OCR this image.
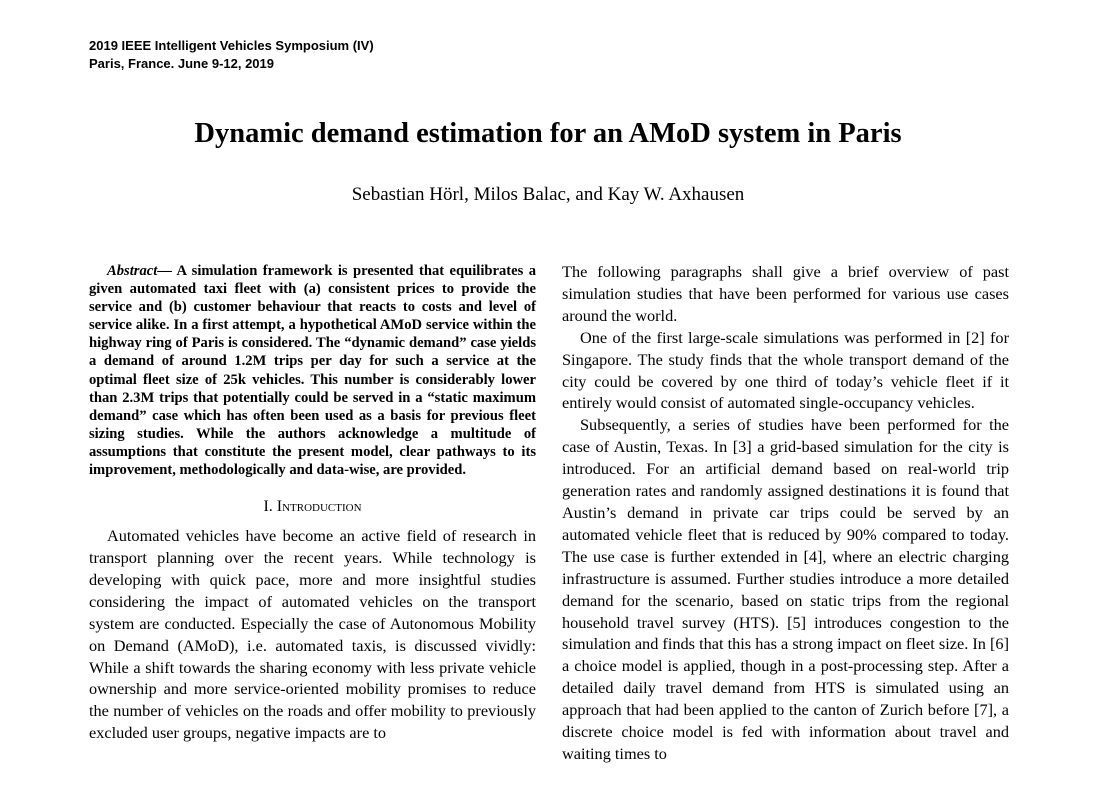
2019 IEEE Intelligent Vehicles Symposium (IV)
Paris, France. June 9-12, 2019
Dynamic demand estimation for an AMoD system in Paris
Sebastian Hörl, Milos Balac, and Kay W. Axhausen

Abstract— A simulation framework is presented that equilibrates a given automated taxi fleet with (a) consistent prices to provide the service and (b) customer behaviour that reacts to costs and level of service alike. In a first attempt, a hypothetical AMoD service within the highway ring of Paris is considered. The “dynamic demand” case yields a demand of around 1.2M trips per day for such a service at the optimal fleet size of 25k vehicles. This number is considerably lower than 2.3M trips that potentially could be served in a “static maximum demand” case which has often been used as a basis for previous fleet sizing studies. While the authors acknowledge a multitude of assumptions that constitute the present model, clear pathways to its improvement, methodologically and data-wise, are provided.

I. Introduction

Automated vehicles have become an active field of research in transport planning over the recent years. While technology is developing with quick pace, more and more insightful studies considering the impact of automated vehicles on the transport system are conducted. Especially the case of Autonomous Mobility on Demand (AMoD), i.e. automated taxis, is discussed vividly: While a shift towards the sharing economy with less private vehicle ownership and more service-oriented mobility promises to reduce the number of vehicles on the roads and offer mobility to previously excluded user groups, negative impacts are to

The following paragraphs shall give a brief overview of past simulation studies that have been performed for various use cases around the world.

One of the first large-scale simulations was performed in [2] for Singapore. The study finds that the whole transport demand of the city could be covered by one third of today’s vehicle fleet if it entirely would consist of automated single-occupancy vehicles.

Subsequently, a series of studies have been performed for the case of Austin, Texas. In [3] a grid-based simulation for the city is introduced. For an artificial demand based on real-world trip generation rates and randomly assigned destinations it is found that Austin’s demand in private car trips could be served by an automated vehicle fleet that is reduced by 90% compared to today. The use case is further extended in [4], where an electric charging infrastructure is assumed. Further studies introduce a more detailed demand for the scenario, based on static trips from the regional household travel survey (HTS). [5] introduces congestion to the simulation and finds that this has a strong impact on fleet size. In [6] a choice model is applied, though in a post-processing step. After a detailed daily travel demand from HTS is simulated using an approach that had been applied to the canton of Zurich before [7], a discrete choice model is fed with information about travel and waiting times to
